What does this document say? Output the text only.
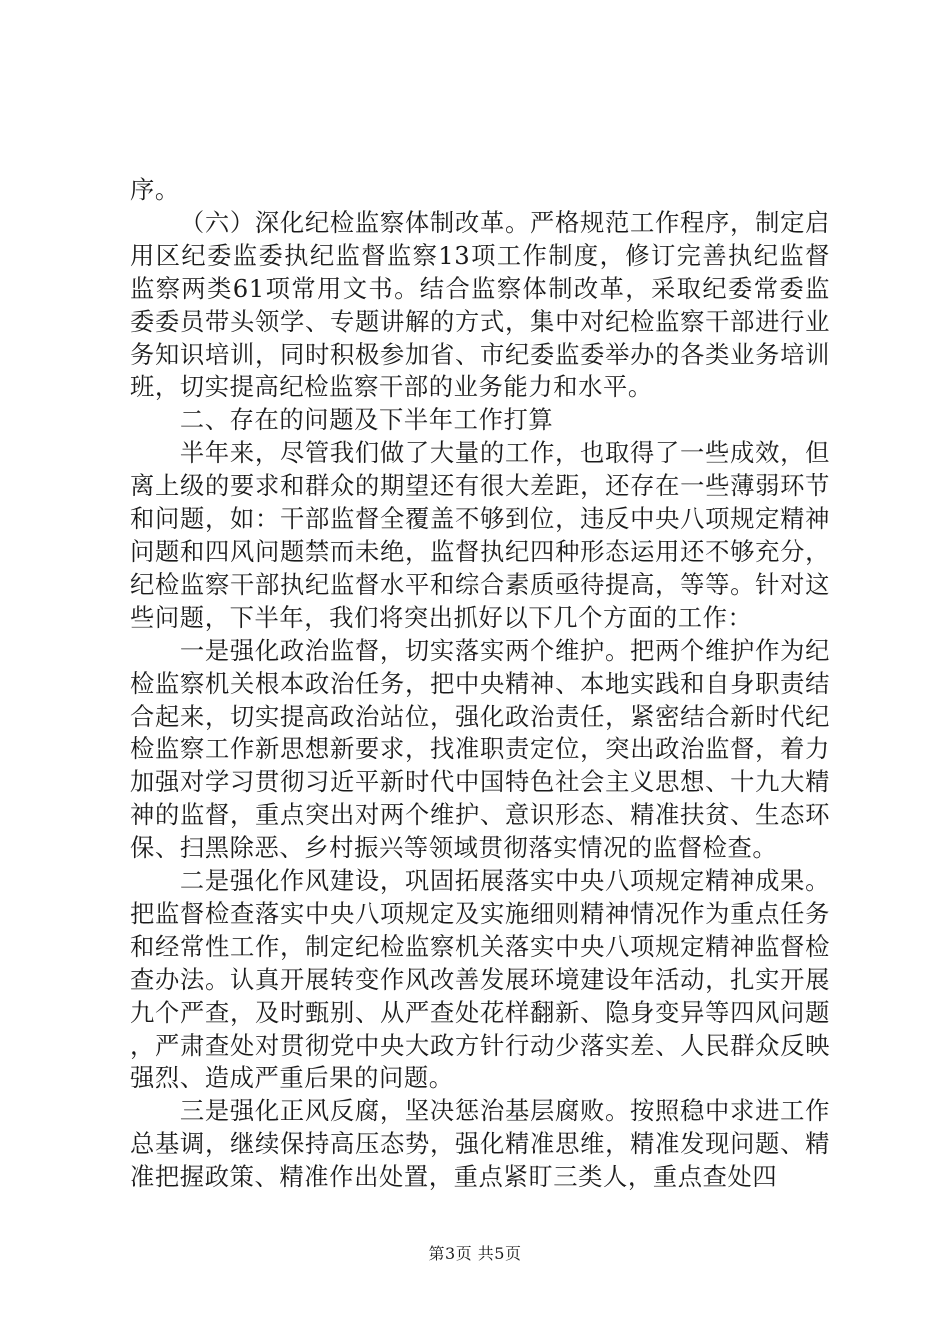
序。

（六）深化纪检监察体制改革。严格规范工作程序，制定启用区纪委监委执纪监督监察13项工作制度，修订完善执纪监督监察两类61项常用文书。结合监察体制改革，采取纪委常委监委委员带头领学、专题讲解的方式，集中对纪检监察干部进行业务知识培训，同时积极参加省、市纪委监委举办的各类业务培训班，切实提高纪检监察干部的业务能力和水平。

二、存在的问题及下半年工作打算

半年来，尽管我们做了大量的工作，也取得了一些成效，但离上级的要求和群众的期望还有很大差距，还存在一些薄弱环节和问题，如：干部监督全覆盖不够到位，违反中央八项规定精神问题和四风问题禁而未绝，监督执纪四种形态运用还不够充分，纪检监察干部执纪监督水平和综合素质亟待提高，等等。针对这些问题，下半年，我们将突出抓好以下几个方面的工作：

一是强化政治监督，切实落实两个维护。把两个维护作为纪检监察机关根本政治任务，把中央精神、本地实践和自身职责结合起来，切实提高政治站位，强化政治责任，紧密结合新时代纪检监察工作新思想新要求，找准职责定位，突出政治监督，着力加强对学习贯彻习近平新时代中国特色社会主义思想、十九大精神的监督，重点突出对两个维护、意识形态、精准扶贫、生态环保、扫黑除恶、乡村振兴等领域贯彻落实情况的监督检查。

二是强化作风建设，巩固拓展落实中央八项规定精神成果。把监督检查落实中央八项规定及实施细则精神情况作为重点任务和经常性工作，制定纪检监察机关落实中央八项规定精神监督检查办法。认真开展转变作风改善发展环境建设年活动，扎实开展九个严查，及时甄别、从严查处花样翻新、隐身变异等四风问题，严肃查处对贯彻党中央大政方针行动少落实差、人民群众反映强烈、造成严重后果的问题。

三是强化正风反腐，坚决惩治基层腐败。按照稳中求进工作总基调，继续保持高压态势，强化精准思维，精准发现问题、精准把握政策、精准作出处置，重点紧盯三类人，重点查处四

第3页 共5页
